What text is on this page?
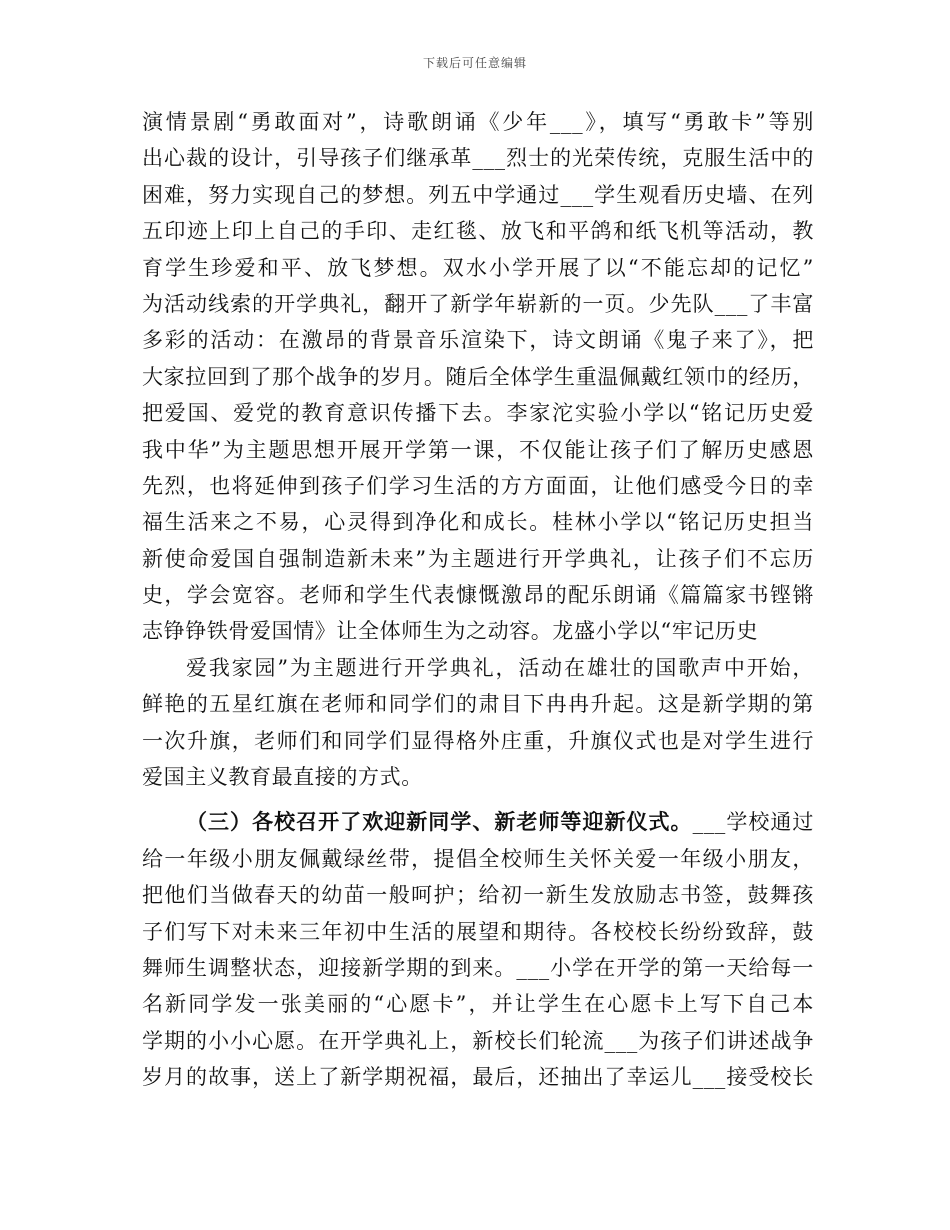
下载后可任意编辑
演情景剧“勇敢面对”，诗歌朗诵《少年___》，填写“勇敢卡”等别
出心裁的设计，引导孩子们继承革___烈士的光荣传统，克服生活中的
困难，努力实现自己的梦想。列五中学通过___学生观看历史墙、在列
五印迹上印上自己的手印、走红毯、放飞和平鸽和纸飞机等活动，教
育学生珍爱和平、放飞梦想。双水小学开展了以“不能忘却的记忆”
为活动线索的开学典礼，翻开了新学年崭新的一页。少先队___了丰富
多彩的活动：在激昂的背景音乐渲染下，诗文朗诵《鬼子来了》，把
大家拉回到了那个战争的岁月。随后全体学生重温佩戴红领巾的经历，
把爱国、爱党的教育意识传播下去。李家沱实验小学以“铭记历史爱
我中华”为主题思想开展开学第一课，不仅能让孩子们了解历史感恩
先烈，也将延伸到孩子们学习生活的方方面面，让他们感受今日的幸
福生活来之不易，心灵得到净化和成长。桂林小学以“铭记历史担当
新使命爱国自强制造新未来”为主题进行开学典礼，让孩子们不忘历
史，学会宽容。老师和学生代表慷慨激昂的配乐朗诵《篇篇家书铿锵
志铮铮铁骨爱国情》让全体师生为之动容。龙盛小学以“牢记历史
爱我家园”为主题进行开学典礼，活动在雄壮的国歌声中开始，
鲜艳的五星红旗在老师和同学们的肃目下冉冉升起。这是新学期的第
一次升旗，老师们和同学们显得格外庄重，升旗仪式也是对学生进行
爱国主义教育最直接的方式。
（三）各校召开了欢迎新同学、新老师等迎新仪式。___学校通过
给一年级小朋友佩戴绿丝带，提倡全校师生关怀关爱一年级小朋友，
把他们当做春天的幼苗一般呵护；给初一新生发放励志书签，鼓舞孩
子们写下对未来三年初中生活的展望和期待。各校校长纷纷致辞，鼓
舞师生调整状态，迎接新学期的到来。___小学在开学的第一天给每一
名新同学发一张美丽的“心愿卡”，并让学生在心愿卡上写下自己本
学期的小小心愿。在开学典礼上，新校长们轮流___为孩子们讲述战争
岁月的故事，送上了新学期祝福，最后，还抽出了幸运儿___接受校长
